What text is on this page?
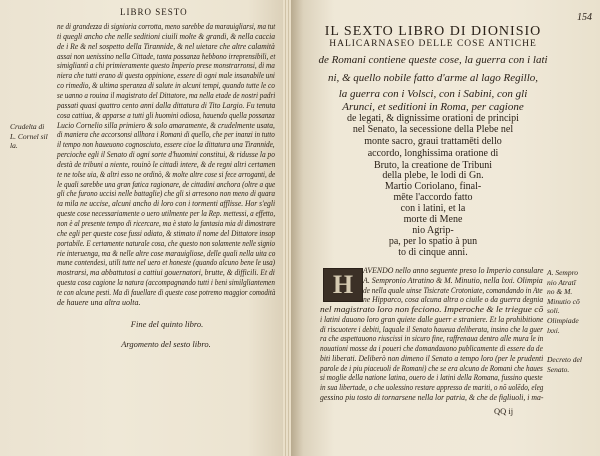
LIBRO SESTO
ne di grandezza di signioria corrotta, meno sarebbe da marauigliarsi, ma tut
ti quegli ancho che nelle seditioni ciuili molte & grandi, & nella caccia
de i Re & nel sospetto della Tirannide, & nel uietare che altre calamità
assai non uenissino nella Cittade, tanta possanza hebbono irreprensibili, et
simigliantì a chi primieramente questo Imperio prese monstrarronsi, di ma
niera che tutti erano di questa oppinione, essere di ogni male insanabile uni
co rimedio, & ultima speranza di salute in alcuni tempi, quando tutte le co
se uanno a rouina il magistrato del Dittatore, ma nella etade de nostri padri
passati quasi quattro cento anni dalla dittatura di Tito Largio. Fu tenuta
cosa cattiua, & apparse a tutti gli huomini odiosa, hauendo quella possanza
Lucio Cornelio silla primiero & solo amaramente, & crudelmente usata,
di maniera che accorsonsi allhora i Romani di quello, che per inanzi in tutto
il tempo non haueuono cognosciuto, essere cioe la dittatura una Tirannide,
percioche egli il Senato di ogni sorte d'huomini constitui, & ridusse la po
destà de tribuni a niente, rouinò le cittadi intere, & de regni altri certamen
te ne tolse uia, & altri esso ne ordinò, & molte altre cose si fece arroganti, de
le quali sarebbe una gran fatica ragionare, de cittadini anchora (oltre a que
gli che furono uccisi nelle battaglie) che gli si arresono non meno di quara
ta mila ne uccise, alcuni ancho di loro con i tormenti afflisse. Hor s'egli
queste cose necessariamente o uero utilmente per la Rep. mettessi, a effetto,
non è al presente tempo di ricercare, ma è stato la fantasia mia di dimostrare
che egli per queste cose fussi odiato, & stimato il nome del Dittatore insop
portabile. E certamente naturale cosa, che questo non solamente nelle signio
rie interuenga, ma & nelle altre cose marauigliose, delle quali nella uita co
mune contendesi, utili tutte nel uero et honeste (quando alcuno bene le usa)
mostrarsi, ma abbattutosi a cattiui gouernatori, brutte, & difficili. Et di
questa cosa cagione la natura (accompagnando tutti i beni similgliantemen
te con alcune pesti. Ma di fauellare di queste cose potremo maggior comodità
de hauere una altra uolta.
Crudelta di
L. Cornel sil
la.
Fine del quinto libro.
Argomento del sesto libro.
154
IL SEXTO LIBRO DI DIONISIO
HALICARNASEO DELLE COSE ANTICHE
de Romani contiene queste cose, la guerra con i lati
ni, & quello nobile fatto d'arme al lago Regillo,
la guerra con i Volsci, con i Sabini, con gli
Arunci, et seditioni in Roma, per cagione
de legati, & dignissime orationi de principi
nel Senato, la secessione della Plebe nel
monte sacro, graui trattamēti dello
accordo, longhissima oratione di
Bruto, la creatione de Tribuni
della plebe, le lodi di Gn.
Martio Coriolano, final-
mēte l'accordo fatto
con i latini, et la
morte di Mene
nio Agrip-
pa, per lo spatio à pun
to di cinque anni.
H	AVENDO nello anno seguente preso lo Imperio consulare
A. Sempronio Atratino & M. Minutio, nella lxxi. Olimpia
de nella quale uinse Tisicrate Crotoniate, comandando in Ate
ne Hipparco, cosa alcuna altra o ciuile o da guerra degnia
nel magistrato loro non feciono. Imperoche & le triegue cō
i latini dauono loro gran quiete dalle guerr e straniere. Et la prohibitione
di riscuotere i debiti, laquale il Senato haueua deliberata, insino che la guer
ra che aspettauono riuscissi in sicuro fine, raffrenaua dentro alle mura le in
nouationi mosse da i poueri che domandauono publicamente di essere da de
biti liberati. Deliberò non dimeno il Senato a tempo loro (per le prudenti
parole de i piu piaceuoli de Romani) che se era alcuno de Romani che haues
si moglie della natione latina, ouero de i latini della Romana, fussino queste
in sua libertade, o che uolessino restare appresso de mariti, o nō uolēdo, eleg
gessino piu tosto di tornarsene nella lor patria, & che de figliuoli, i ma-
A. Sempro
nio Atratī
no & M.
Minutio cō
soli.
Olimpiade
lxxi.
Decreto del
Senato.
QQ ij
